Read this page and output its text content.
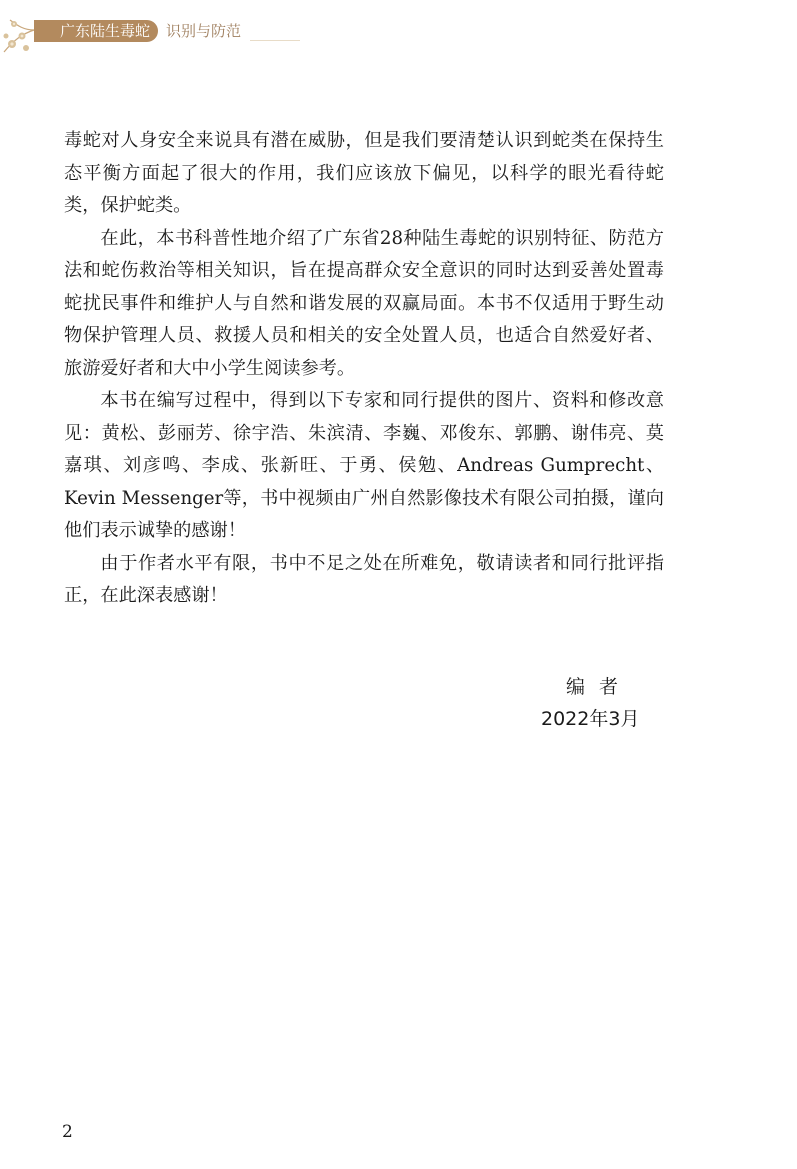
广东陆生毒蛇	识别与防范

毒蛇对人身安全来说具有潜在威胁，但是我们要清楚认识到蛇类在保持生态平衡方面起了很大的作用，我们应该放下偏见，以科学的眼光看待蛇类，保护蛇类。

在此，本书科普性地介绍了广东省28种陆生毒蛇的识别特征、防范方法和蛇伤救治等相关知识，旨在提高群众安全意识的同时达到妥善处置毒蛇扰民事件和维护人与自然和谐发展的双赢局面。本书不仅适用于野生动物保护管理人员、救援人员和相关的安全处置人员，也适合自然爱好者、旅游爱好者和大中小学生阅读参考。

本书在编写过程中，得到以下专家和同行提供的图片、资料和修改意见：黄松、彭丽芳、徐宇浩、朱滨清、李巍、邓俊东、郭鹏、谢伟亮、莫嘉琪、刘彦鸣、李成、张新旺、于勇、侯勉、Andreas Gumprecht、Kevin Messenger等，书中视频由广州自然影像技术有限公司拍摄，谨向他们表示诚挚的感谢！

由于作者水平有限，书中不足之处在所难免，敬请读者和同行批评指正，在此深表感谢！

编者
2022年3月
2
